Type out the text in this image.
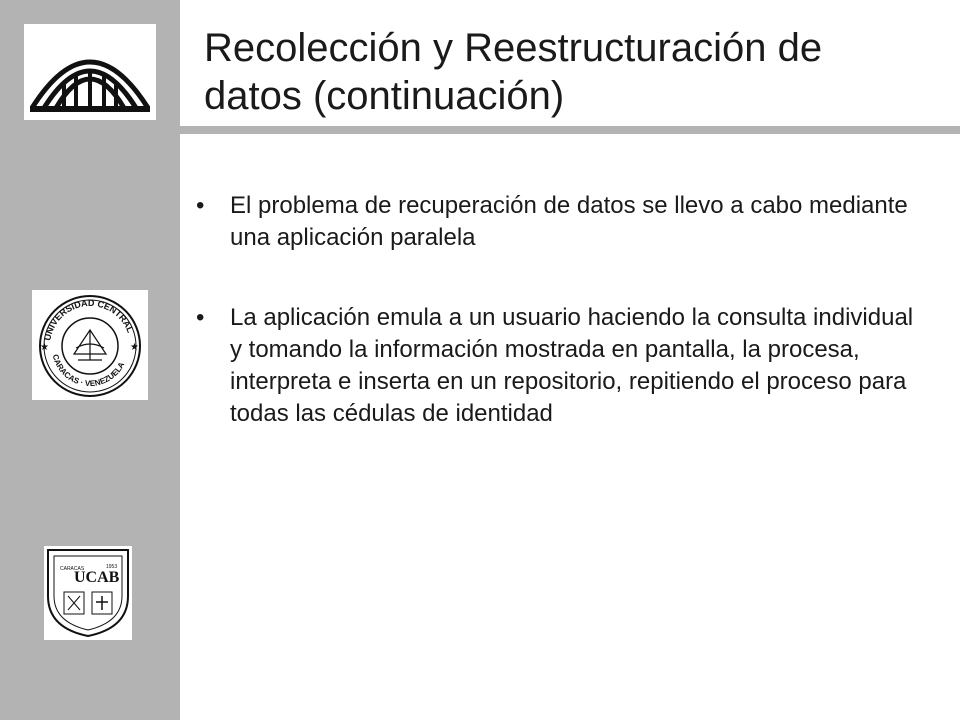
UNIVERSIDAD CENTRAL
CARACAS · VENEZUELA
★	★
UCAB
CARACAS	1953
Recolección y Reestructuración de datos (continuación)
• El problema de recuperación de datos se llevo a cabo mediante una aplicación paralela
• La aplicación emula a un usuario haciendo la consulta individual y tomando la información mostrada en pantalla, la procesa, interpreta e inserta en un repositorio, repitiendo el proceso para todas las cédulas de identidad
